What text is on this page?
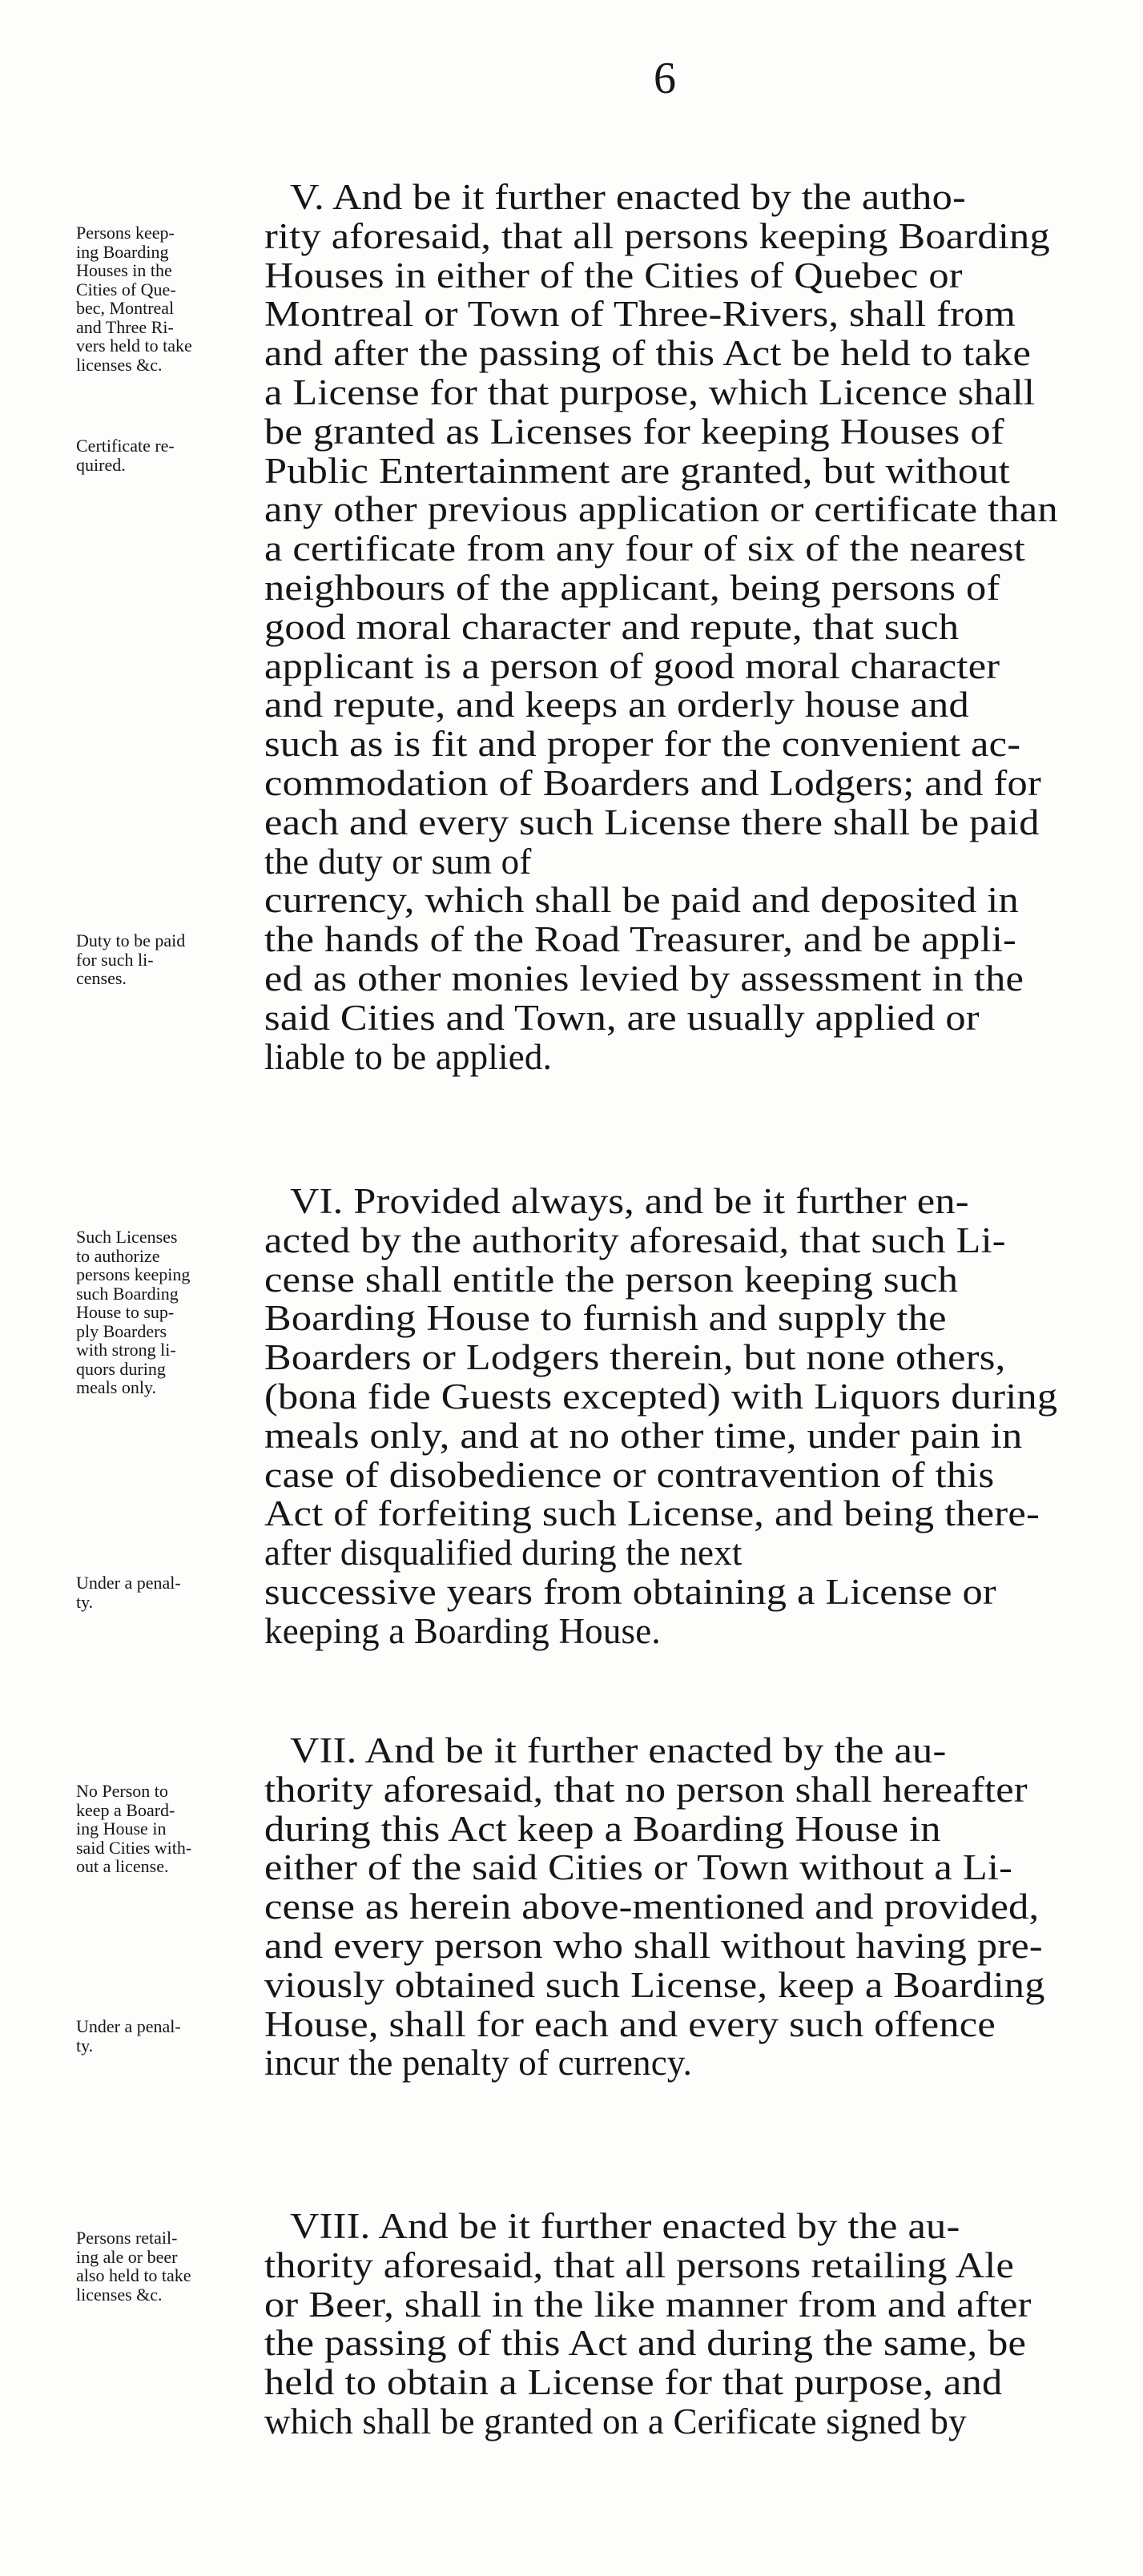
6
V. And be it further enacted by the autho-
rity aforesaid, that all persons keeping Boarding
Houses in either of the Cities of Quebec or
Montreal or Town of Three-Rivers, shall from
and after the passing of this Act be held to take
a License for that purpose, which Licence shall
be granted as Licenses for keeping Houses of
Public Entertainment are granted, but without
any other previous application or certificate than
a certificate from any four of six of the nearest
neighbours of the applicant, being persons of
good moral character and repute, that such
applicant is a person of good moral character
and repute, and keeps an orderly house and
such as is fit and proper for the convenient ac-
commodation of Boarders and Lodgers; and for
each and every such License there shall be paid
the duty or sum of
currency, which shall be paid and deposited in
the hands of the Road Treasurer, and be appli-
ed as other monies levied by assessment in the
said Cities and Town, are usually applied or
liable to be applied.
Persons keep-
ing Boarding
Houses in the
Cities of Que-
bec, Montreal
and Three Ri-
vers held to take
licenses &c.
Certificate re-
quired.
Duty to be paid
for such li-
censes.
VI. Provided always, and be it further en-
acted by the authority aforesaid, that such Li-
cense shall entitle the person keeping such
Boarding House to furnish and supply the
Boarders or Lodgers therein, but none others,
(bona fide Guests excepted) with Liquors during
meals only, and at no other time, under pain in
case of disobedience or contravention of this
Act of forfeiting such License, and being there-
after disqualified during the next
successive years from obtaining a License or
keeping a Boarding House.
Such Licenses
to authorize
persons keeping
such Boarding
House to sup-
ply Boarders
with strong li-
quors during
meals only.
Under a penal-
ty.
VII. And be it further enacted by the au-
thority aforesaid, that no person shall hereafter
during this Act keep a Boarding House in
either of the said Cities or Town without a Li-
cense as herein above-mentioned and provided,
and every person who shall without having pre-
viously obtained such License, keep a Boarding
House, shall for each and every such offence
incur the penalty of currency.
No Person to
keep a Board-
ing House in
said Cities with-
out a license.
Under a penal-
ty.
VIII. And be it further enacted by the au-
thority aforesaid, that all persons retailing Ale
or Beer, shall in the like manner from and after
the passing of this Act and during the same, be
held to obtain a License for that purpose, and
which shall be granted on a Cerificate signed by
Persons retail-
ing ale or beer
also held to take
licenses &c.
